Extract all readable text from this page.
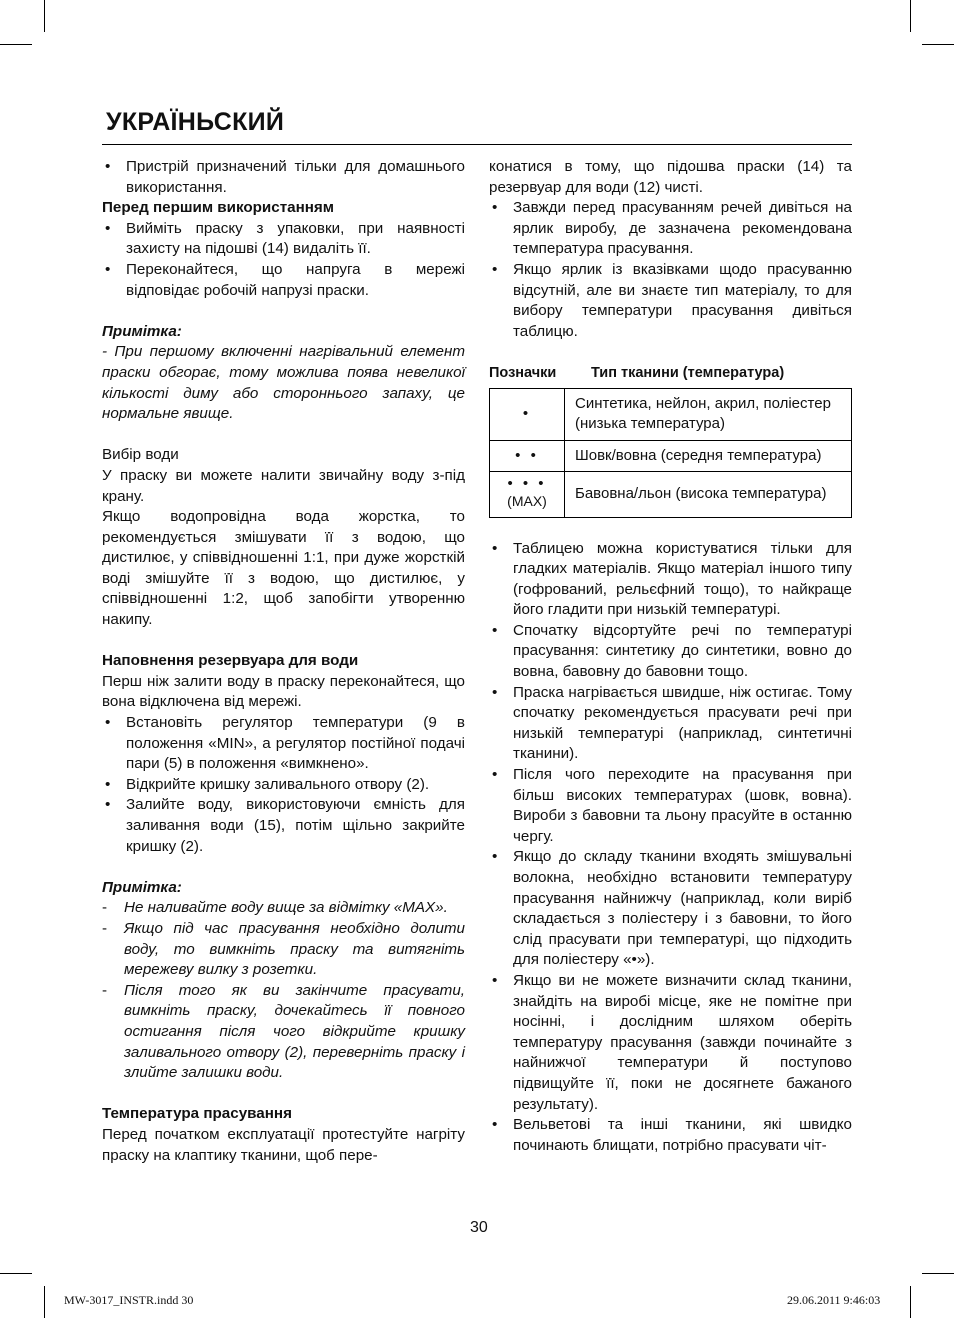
УКРАЇНЬСКИЙ
• Пристрій призначений тільки для домашнього використання.

Перед першим використанням

• Вийміть праску з упаковки, при наявності захисту на підошві (14) видаліть її.
• Переконайтеся, що напруга в мережі відповідає робочій напрузі праски.

Примітка:

- При першому включенні нагрівальний елемент праски обгорає, тому можлива поява невеликої кількості диму або стороннього запаху, це нормальне явище.

Вибір води

У праску ви можете налити звичайну воду з-під крану.

Якщо водопровідна вода жорстка, то рекомендується змішувати її з водою, що дистилює, у співвідношенні 1:1, при дуже жорсткій воді змішуйте її з водою, що дистилює, у співвідношенні 1:2, щоб запобігти утворенню накипу.

Наповнення резервуара для води

Перш ніж залити воду в праску переконайтеся, що вона відключена від мережі.

• Встановіть регулятор температури (9 в положення «MIN», а регулятор постійної подачі пари (5) в положення «вимкнено».
• Відкрийте кришку заливального отвору (2).
• Залийте воду, використовуючи ємність для заливання води (15), потім щільно закрийте кришку (2).

Примітка:

- Не наливайте воду вище за відмітку «MAX».
- Якщо під час прасування необхідно долити воду, то вимкніть праску та витягніть мережеву вилку з розетки.
- Після того як ви закінчите прасувати, вимкніть праску, дочекайтесь її повного остигання після чого відкрийте кришку заливального отвору (2), переверніть праску і злийте залишки води.

Температура прасування

Перед початком експлуатації протестуйте нагріту праску на клаптику тканини, щоб пере-

конатися в тому, що підошва праски (14) та резервуар для води (12) чисті.

• Завжди перед прасуванням речей дивіться на ярлик виробу, де зазначена рекомендована температура прасування.
• Якщо ярлик із вказівками щодо прасуванню відсутній, але ви знаєте тип матеріалу, то для вибору температури прасування дивіться таблицю.
Позначки	Тип тканини (температура)
•	Синтетика, нейлон, акрил, поліестер (низька температура)

• •	Шовк/вовна (середня температура)

• • •
(MAX)	Бавовна/льон (висока температура)
• Таблицею можна користуватися тільки для гладких матеріалів. Якщо матеріал іншого типу (гофрований, рельєфний тощо), то найкраще його гладити при низькій температурі.
• Спочатку відсортуйте речі по температурі прасування: синтетику до синтетики, вовно до вовна, бавовну до бавовни тощо.
• Праска нагрівається швидше, ніж остигає. Тому спочатку рекомендується прасувати речі при низькій температурі (наприклад, синтетичні тканини).
• Після чого переходите на прасування при більш високих температурах (шовк, вовна). Вироби з бавовни та льону прасуйте в останню чергу.
• Якщо до складу тканини входять змішувальні волокна, необхідно встановити температуру прасування найнижчу (наприклад, коли виріб складається з поліестеру і з бавовни, то його слід прасувати при температурі, що підходить для поліестеру «•»).
• Якщо ви не можете визначити склад тканини, знайдіть на виробі місце, яке не помітне при носінні, і дослідним шляхом оберіть температуру прасування (завжди починайте з найнижчої температури й поступово підвищуйте її, поки не досягнете бажаного результату).
• Вельветові та інші тканини, які швидко починають блищати, потрібно прасувати чіт-
30
MW-3017_INSTR.indd 30	29.06.2011 9:46:03
